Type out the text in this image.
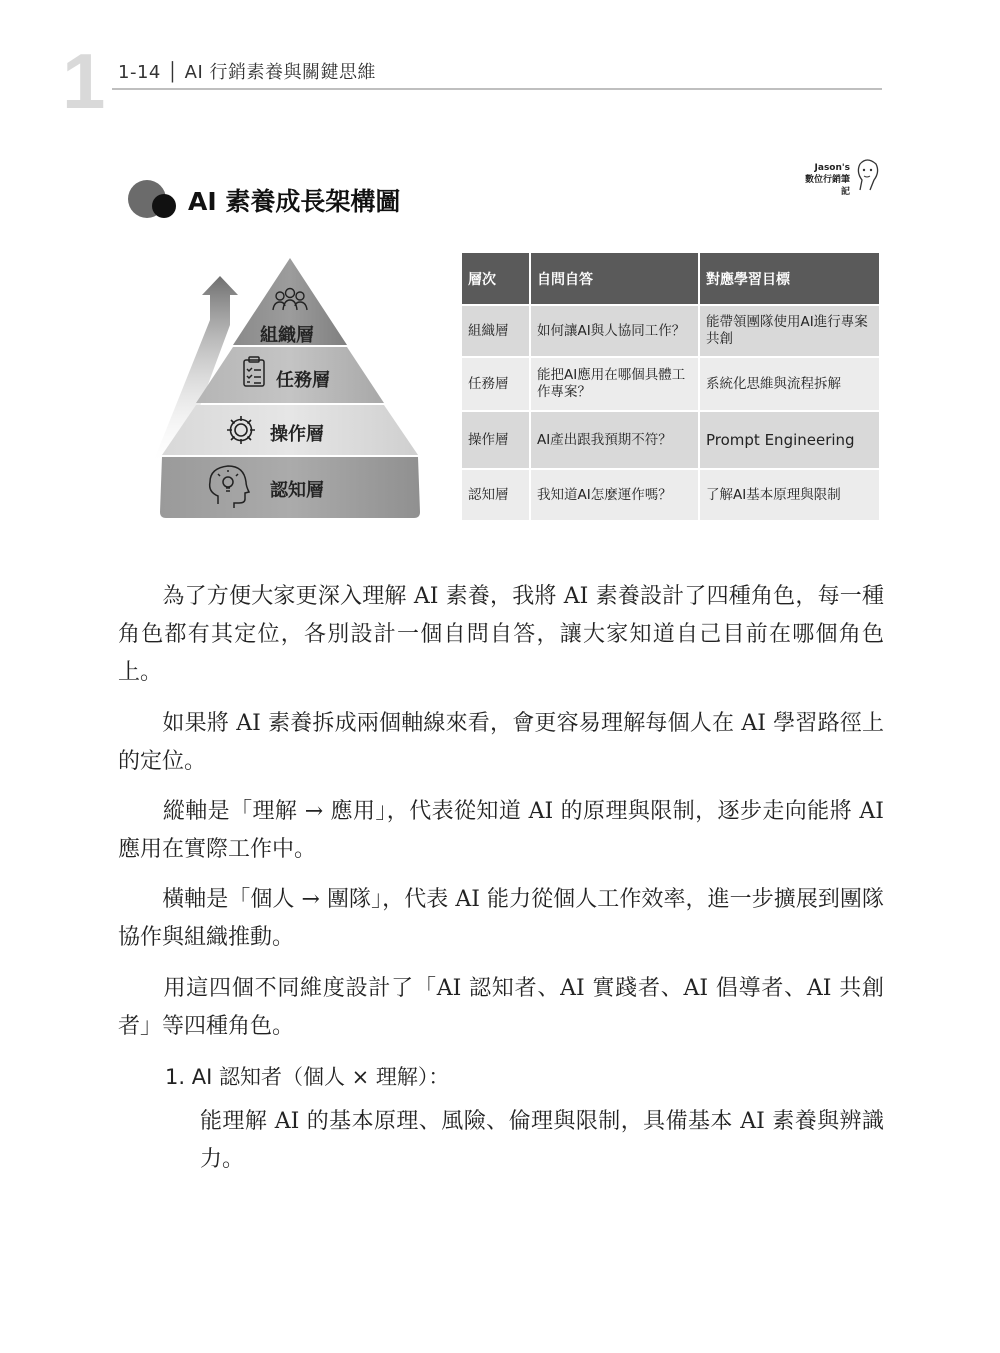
1 1-14 │ AI 行銷素養與關鍵思維
AI 素養成長架構圖
Jason's
數位行銷筆記
組織層
任務層
操作層
認知層
層次	自問自答	對應學習目標
組織層	如何讓AI與人協同工作？	能帶領團隊使用AI進行專案共創
任務層	能把AI應用在哪個具體工作專案？	系統化思維與流程拆解
操作層	AI產出跟我預期不符？	Prompt Engineering
認知層	我知道AI怎麼運作嗎？	了解AI基本原理與限制

　　為了方便大家更深入理解 AI 素養，我將 AI 素養設計了四種角色，每一種角色都有其定位，各別設計一個自問自答，讓大家知道自己目前在哪個角色上。

　　如果將 AI 素養拆成兩個軸線來看，會更容易理解每個人在 AI 學習路徑上的定位。

　　縱軸是「理解 → 應用」，代表從知道 AI 的原理與限制，逐步走向能將 AI 應用在實際工作中。

　　橫軸是「個人 → 團隊」，代表 AI 能力從個人工作效率，進一步擴展到團隊協作與組織推動。

　　用這四個不同維度設計了「AI 認知者、AI 實踐者、AI 倡導者、AI 共創者」等四種角色。

1. AI 認知者（個人 × 理解）：

能理解 AI 的基本原理、風險、倫理與限制，具備基本 AI 素養與辨識力。
